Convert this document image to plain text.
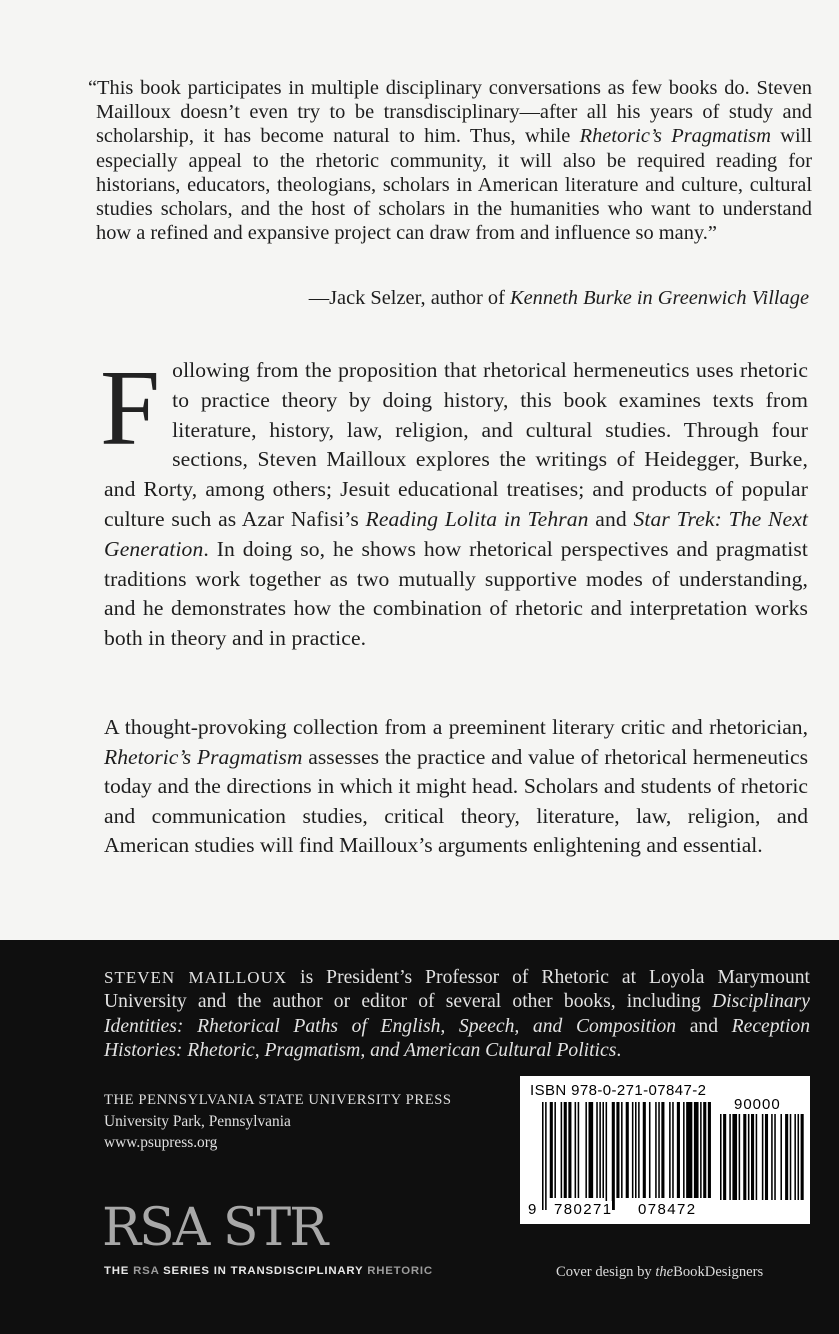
“This book participates in multiple disciplinary conversations as few books do. Steven Mailloux doesn’t even try to be transdisciplinary—after all his years of study and scholarship, it has become natural to him. Thus, while Rhetoric’s Pragmatism will especially appeal to the rhetoric community, it will also be required reading for historians, educators, theologians, scholars in American literature and culture, cultural studies scholars, and the host of scholars in the humanities who want to understand how a refined and expansive project can draw from and influence so many.”

—Jack Selzer, author of Kenneth Burke in Greenwich Village
F ollowing from the proposition that rhetorical hermeneutics uses rhetoric to practice theory by doing history, this book examines texts from literature, history, law, religion, and cultural studies. Through four sections, Steven Mailloux explores the writings of Heidegger, Burke, and Rorty, among others; Jesuit educational treatises; and products of popular culture such as Azar Nafisi’s Reading Lolita in Tehran and Star Trek: The Next Generation. In doing so, he shows how rhetorical perspectives and pragmatist traditions work together as two mutually supportive modes of understanding, and he demonstrates how the combination of rhetoric and interpretation works both in theory and in practice.

A thought-provoking collection from a preeminent literary critic and rhetorician, Rhetoric’s Pragmatism assesses the practice and value of rhetorical hermeneutics today and the directions in which it might head. Scholars and students of rhetoric and communication studies, critical theory, literature, law, religion, and American studies will find Mailloux’s arguments enlightening and essential.

STEVEN MAILLOUX is President’s Professor of Rhetoric at Loyola Marymount University and the author or editor of several other books, including Disciplinary Identities: Rhetorical Paths of English, Speech, and Composition and Reception Histories: Rhetoric, Pragmatism, and American Cultural Politics.

THE PENNSYLVANIA STATE UNIVERSITY PRESS
University Park, Pennsylvania
www.psupress.org
RSA STR
THE RSA SERIES IN TRANSDISCIPLINARY RHETORIC
ISBN 978-0-271-07847-2
90000
9 780271 078472
Cover design by theBookDesigners
